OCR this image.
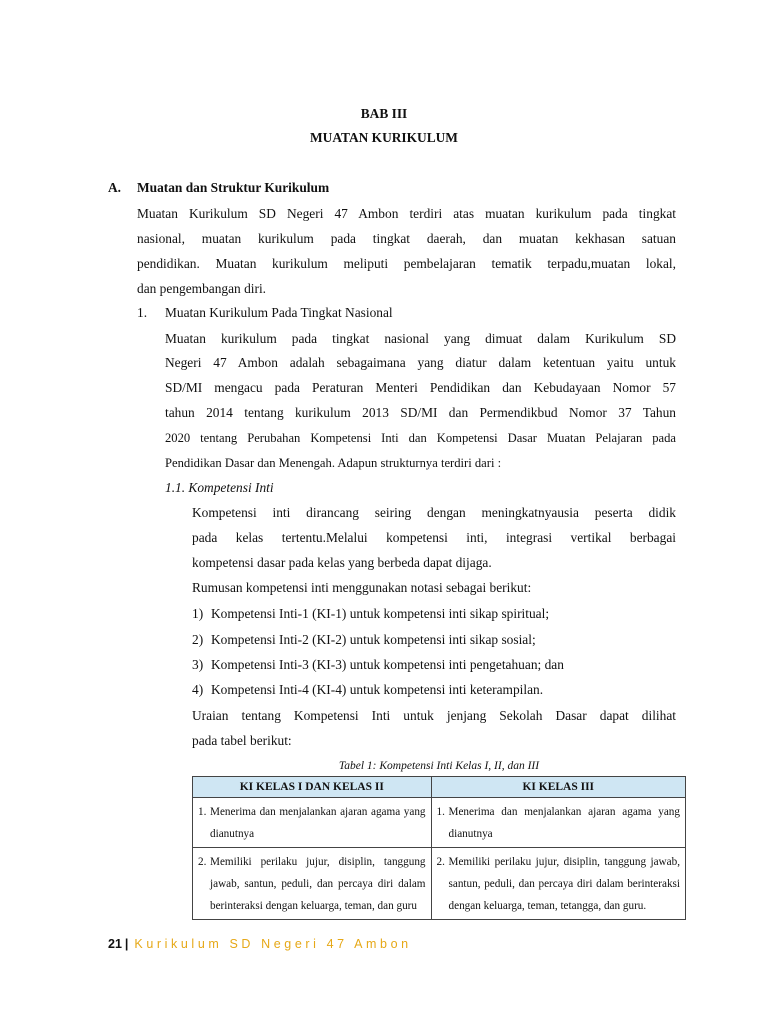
BAB III
MUATAN KURIKULUM
A. Muatan dan Struktur Kurikulum
Muatan Kurikulum SD Negeri 47 Ambon terdiri atas muatan kurikulum pada tingkat
nasional, muatan kurikulum pada tingkat daerah, dan muatan kekhasan satuan
pendidikan. Muatan kurikulum meliputi pembelajaran tematik terpadu,muatan lokal,
dan pengembangan diri.
1. Muatan Kurikulum Pada Tingkat Nasional
Muatan kurikulum pada tingkat nasional yang dimuat dalam Kurikulum SD
Negeri 47 Ambon adalah sebagaimana yang diatur dalam ketentuan yaitu untuk
SD/MI mengacu pada Peraturan Menteri Pendidikan dan Kebudayaan Nomor 57
tahun 2014 tentang kurikulum 2013 SD/MI dan Permendikbud Nomor 37 Tahun
2020 tentang Perubahan Kompetensi Inti dan Kompetensi Dasar Muatan Pelajaran pada
Pendidikan Dasar dan Menengah. Adapun strukturnya terdiri dari :
1.1. Kompetensi Inti
Kompetensi inti dirancang seiring dengan meningkatnyausia peserta didik
pada kelas tertentu.Melalui kompetensi inti, integrasi vertikal berbagai
kompetensi dasar pada kelas yang berbeda dapat dijaga.
Rumusan kompetensi inti menggunakan notasi sebagai berikut:
1) Kompetensi Inti-1 (KI-1) untuk kompetensi inti sikap spiritual;
2) Kompetensi Inti-2 (KI-2) untuk kompetensi inti sikap sosial;
3) Kompetensi Inti-3 (KI-3) untuk kompetensi inti pengetahuan; dan
4) Kompetensi Inti-4 (KI-4) untuk kompetensi inti keterampilan.
Uraian tentang Kompetensi Inti untuk jenjang Sekolah Dasar dapat dilihat
pada tabel berikut:
Tabel 1: Kompetensi Inti Kelas I, II, dan III
KI KELAS I DAN KELAS II	KI KELAS III

1. Menerima dan menjalankan ajaran agama yang dianutnya	1. Menerima dan menjalankan ajaran agama yang dianutnya

2. Memiliki perilaku jujur, disiplin, tanggung jawab, santun, peduli, dan percaya diri dalam berinteraksi dengan keluarga, teman, dan guru	2. Memiliki perilaku jujur, disiplin, tanggung jawab, santun, peduli, dan percaya diri dalam berinteraksi dengan keluarga, teman, tetangga, dan guru.
21 | Kurikulum SD Negeri 47 Ambon
